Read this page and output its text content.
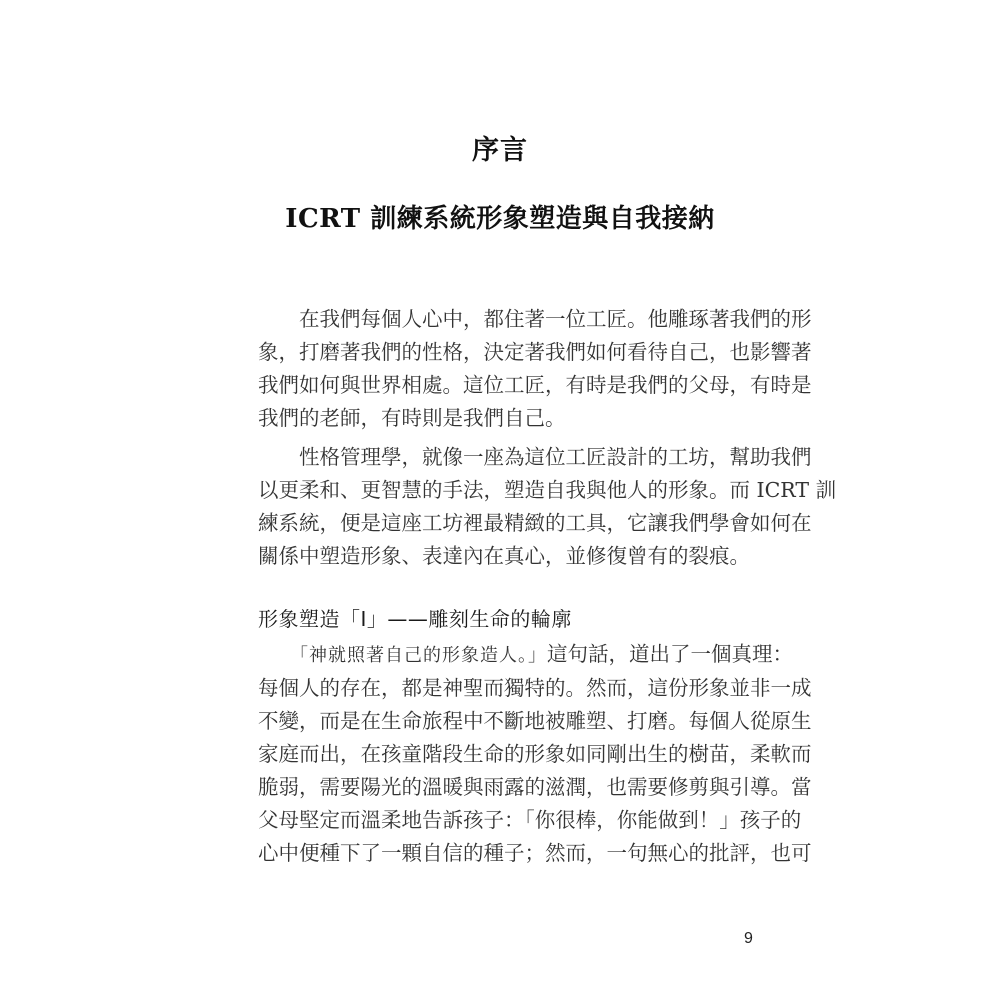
序言
ICRT 訓練系統形象塑造與自我接納
　　在我們每個人心中，都住著一位工匠。他雕琢著我們的形
象，打磨著我們的性格，決定著我們如何看待自己，也影響著
我們如何與世界相處。這位工匠，有時是我們的父母，有時是
我們的老師，有時則是我們自己。
　　性格管理學，就像一座為這位工匠設計的工坊，幫助我們
以更柔和、更智慧的手法，塑造自我與他人的形象。而 ICRT 訓
練系統，便是這座工坊裡最精緻的工具，它讓我們學會如何在
關係中塑造形象、表達內在真心，並修復曾有的裂痕。
形象塑造「I」——雕刻生命的輪廓
　　「神就照著自己的形象造人。」這句話，道出了一個真理：
每個人的存在，都是神聖而獨特的。然而，這份形象並非一成
不變，而是在生命旅程中不斷地被雕塑、打磨。每個人從原生
家庭而出，在孩童階段生命的形象如同剛出生的樹苗，柔軟而
脆弱，需要陽光的溫暖與雨露的滋潤，也需要修剪與引導。當
父母堅定而溫柔地告訴孩子：「你很棒，你能做到！」孩子的
心中便種下了一顆自信的種子；然而，一句無心的批評，也可
9
